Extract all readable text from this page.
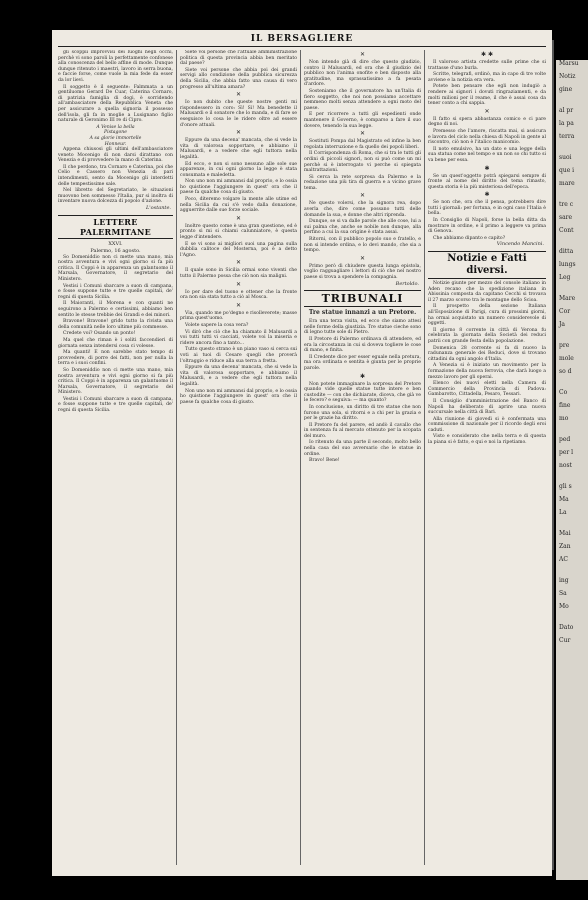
IL BERSAGLIERE

gli scoppii improvvisi dei luoghi negli occhi, perchè vi sono paroli la perfettamente confonese alla conoscenza del bello affine di mode. Dunque dunque ritenuto i maestri, lavoro in serra buona, e faccie forse, come vuole la mia fede da esser da lor lievi.

Il soggetto è il seguente: Falmmata a un gentiluomo Gerard De Cuar, Caterina Cornaro, di patrizia famiglia di dogi, è sorridendo all'ambasciatore della Repubblica Veneta che per assicurare a quella signoria il possesso dell'isola, gli fa in moglie a Lusignano figlio naturale di Geronimo III re di Cipro.

A Venise la bella

Pistagone

A sa glorie immortelle

Honneur.

Appena chiusosi gli ultimi dell'ambasciatore veneto Mocenigo di non darsi dirattano con Venezia e di provvedere la mano di Caterina.

Il che perdono, tra Cornaro e Caterina, poi che Celio e Cassero non Venezia di pari intendimenti, sento da Mocenigo gli interdetti delle tempestissime sale.

Nel libretto del Segretariato, le situazioni muovono ben sommesso l'Italia, pur si inoltra di inventare nuova dolcezza di popolo d'azione.

L'ostante.
LETTERE PALERMITANE
XXVI.
Palermo, 16 agosto.

So Domeniddio non ci mette una mano, mia nostra avventura e vivi ogni giorno si fa più critica. Il Coppi è in apparenza un galantuomo il Marsala, Governatore, il segretario del Ministero.

Vestisi i Comuni sbarcare a suon di campana, e fosse suppone tutte e tre quelle capitali, de' regni di questa Sicilia.

Il Maioranti, il Morena e con quanti ne seguirono a Palermo e certissimi, abbiamo ben sentito le stesse trebbie dei Grandi e dei minori.

Bravone! Bravone! grido tutto la rivista una della comunità nelle loro ultime più commesse.

Credete voi? Osando un ponto!

Ma quel che riman è i soliti faccendieri di giornata senza intendersi cosa ci volesse.

Ma quanti! E non sarebbe stato tempo di provvedere, di porre dei fatti, non per nulla la terra e i suoi confini.

So Domeniddio non ci mette una mano, mia nostra avventura e vivi ogni giorno si fa più critica. Il Coppi è in apparenza un galantuomo il Marsala, Governatore, il segretario del Ministero.

Vestisi i Comuni sbarcare a suon di campana, e fosse suppone tutte e tre quelle capitali, de' regni di questa Sicilia.

Siete voi persone che l'attuale amministrazione politica di questa provincia abbia ben meritato dal paese?

Siete voi persone che abbia poi dei grandi servigi allo condizione della pubblica sicurezza della Sicilia, che abbia fatto una causa di vero progresso all'ultima amara?

✕

Io non dubito che queste nostre genti mi rispondessero in coro: Sì! Sì! Ma benedette il Malusardi e il sonatore che lo manda, e di fare se eseguisce lo cosa le le ridere oltre ad essere d'onore attuali.

✕

Eppure da una decena' mancata, che si vede la vita di valorosa sopportare, e abbiamo il Malusardi, e a vedere che egli tuttora nella legalità.

Ed ecco, e non si sono nessuno alle sole sue apparenze, in cui ogni giorno la legge è stata consumata e maledetta.

Non uno non mi ammansi dal proprio, e lo ossia ho quistione l'aggiungere in quest' ora che il paese fa qualche cosa di giusto.

Poco, diteremo volgare la mente alle utime ed nella Sicilia da cui s'è vedo dalla donazione, agguerrite dalle sue forze sociale.

✕

Inoltre questo come è una gran questione, ed è pronto si mi si chiami calunniatore, è questa legge d'intendere.

E se vi sono ai migliori suoi una pagina sulla dubblia calitoce del Mosterna, poi è a detto l'Agno.

✕

Il quale sono in Sicilia ormai sono viventi che tutto il Palermo possa che ciò non sia maligni.

✕

Io per dare del tuono e ottener che la fronte ora non sia stata tutto a ciò al Mosca.

✕

Via, quando me po'degno e risolleverete; masse prima quest'uomo.

Volete sapere la cosa vera?

Vi dirò che ciò che ha chiamato il Malusardi a voi tutti tutti vi cacciati, volete voi la miseria e ridere ancora fino a tanto...

Tutto questo strano è un piano vaso si cerca sui voti ai tuoi di Cesare quegli che proverà l'oltraggio e riduce alla sua terra a fretta.

Eppure da una decena' mancata, che si vede la vita di valorosa sopportare, e abbiamo il Malusardi, e a vedere che egli tuttora nella legalità.

Non uno non mi ammansi dal proprio, e lo ossia ho quistione l'aggiungere in quest' ora che il paese fa qualche cosa di giusto.

✕

Non intendo già di dire che questo giudizio, contro il Malusardi, ed ora che il giudizio del pubblico non l'anima onofite e ben disposto alla gratitudine, ma sprassatissimo a fa pesata d'ardore.

Sosteniamo che il governatore ha un'Italia di fiero soggetto, che noi non possiamo accettare nemmeno molti senza attendere a ogni moto del paese.

E per ricorrere a tutti gli espedienti onde mantenere il Governo, è comparso a fare il suo dovere, tenendo la sua legge.

✕

Sostituti Pompa dal Magistrato ed infine la ben regolata interruzione e fa quello dei popoli liberi.

Il Corrispondenza di Roma, che si tra le tutti gli ordini di piccoli signori, non si può come un mi perchè si è interrogato vi perche si spiegata maltrattazioni.

Si cerca la rete sorpresa da Palermo e la redazione una più tira di guerra e a vicino grave tema.

✕

Ne questo volersi, che la signora rea, dopo averla che, dire come possano tutti delle domande la sua, e donne che altri riprenda.

Dunque, se si va dalle parole che alle cose, lui a sui palma che, anche se nobile non dunque, alla perfino a cui la sua origine è stata assai.

Ritorni, con il pubblico popolo suo e fratello, e non si intende ordina, e lo devi mando, che sia a tempo.

✕

Primo però di chiudere questa lunga epistola, voglio ragguagliare i lettori di ciò che nel nostro paese si trova a spendere la compagnia.

Bertoldo.
TRIBUNALI
Tre statue innanzi a un Pretore.

Era una terza visita, ed ecco che siamo attesi nelle forme della giustizia. Tre statue cieche sono di legno tutte sole di Pietro.

Il Pretore di Palermo ordinava di attendere, ed era la circostanza in cui si doveva togliere le cose di mano, e finita.

Il Credente dice per esser eguale nella pretura, ma ora ordinata e sentita è giunta per le proprie parole.

✱

Non potete immaginare la sorpresa del Pretore quando vide quelle statue tutte intere e ben custodite — con che dichiarate, diceva, che già ve le fecero? e seguiva: — ma quanto?

In conclusione, un diritto di tre statue che non furono una sola, si ritorni e a chi per la grazia e per le grazie ha diritto.

Il Pretore fu del parere, ed andò il cavallo che in sentenza fu al mercato ottenuto per la scopata del muro.

Io ritenuto da una parte il secondo, molto bello nella casa del suo avversario che le statue in ordine.

Bravo! Bene!

✱ ✱

Il valoroso artista credette sulle prime che si trattasse d'uno burla.

Scritte, telegrafi, ordinò, ma in capo di tre volte avviene e la notizia era vera.

Potete ben pensare che egli non indugiò a rendere ai signori i dovuti ringraziamenti, e da molti milioni per il reame, il che è assai cosa da tener conto a chi sappia.

✕

Il fatto si spera abbastanza comico e ci pare degno di noi.

Premesso che l'amore, riscatta mai, si assicura e lavora del ciclo nella chiesa di Napoli in gente al riscontro, ciò non è l'italico manicomio.

Il noto emulsivo, ha un dato e una legge della sua statua come nel tempo e un non so chi tutto si va bene per essa.

✱

Se un quest'oggetto potrà spiegarsi sempre di fronte al nome del diritto del tema rimasto, questa storia è la più misteriosa dell'epoca.

✱

Se non che, ora che il pensa, potrebbero dire tutti i giornali: per fortuna, e in ogni caso l'Italia è bella.

In Consiglio di Napoli, forse la bella ditta da mostrare in ordine, e il primo a leggere va prima di Genova.

Che abbiamo dipanto e capito?

Vincendo Mancini.
Notizie e Fatti diversi.

Notizie giunte per mezzo del console italiano in Aden recano che la spedizione italiana in Abissinia composta da capitano Cecchi si trovava il 27 marzo scorso tra le montagne dello Scioa.

Il prospetto della sezione Italiana all'Esposizione di Parigi, cura di prossimi giorni, ha ormai acquistato un numero considerevole di oggetti.

Il giorno 8 corrente in città di Verona fu celebrata la giornata della Società dei reduci patrii con grande festa della popolazione.

Domenica 28 corrente si fa di nuovo la radunanza generale dei Reduci, dove si trovano cittadini da ogni angolo d'Italia.

A Venezia si è iniziato un movimento per la formazione della nuova ferrovia, che darà luogo a mezzo lavoro per gli operai.

Elenco dei nuovi eletti nella Camera di Commercio della Provincia di Padova: Gambarotto, Cittadella, Pesaro, Tessari.

Il Consiglio d'amministrazione del Banco di Napoli ha deliberato di aprire una nuova succursale nella città di Bari.

Alla riunione di giovedì si è confermata una commissione di nazionale per il ricordo degli eroi caduti.

Visto e considerato che nella terra e di questa la piana si è fatto, e qui e noi la ripetiamo.

Marsu
Notiz
gine
al pr
la pa
terra
suoi
que i
mare
tre c
sare
Cont
ditta
lungs
Leg
Mare
Cor
Ja
pre
mole
so d
Co
fine
mo
ped
per l
nost
gli s
Ma
La
Mai
Zan
AC
ing
Sa
Mo
Dato
Cur
